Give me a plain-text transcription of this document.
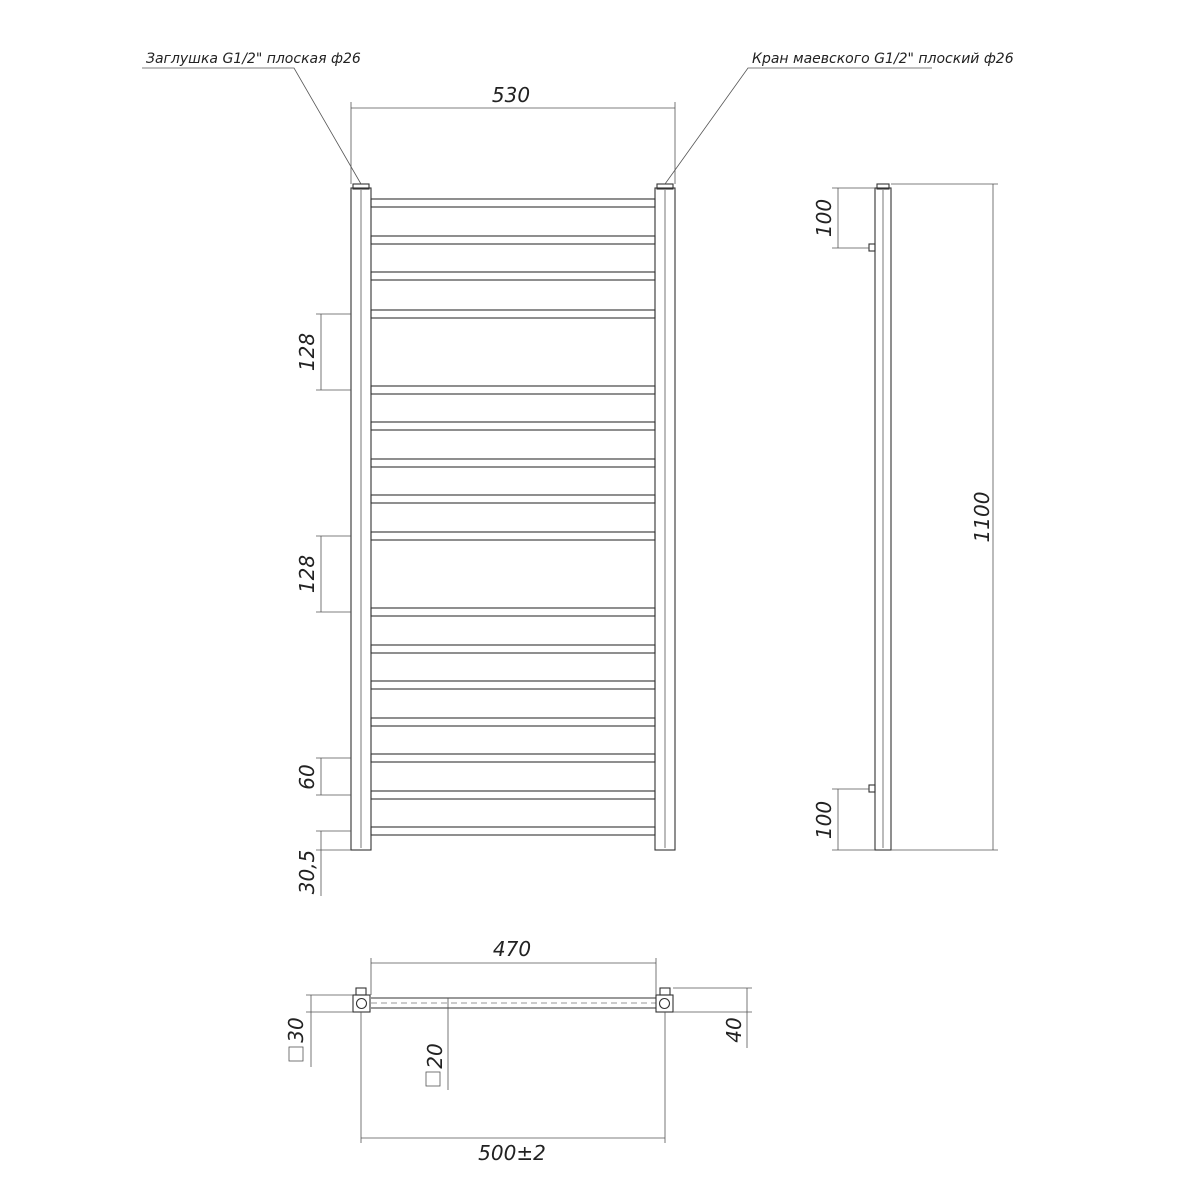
530
Заглушка G1/2" плоская ф26	Кран маевского G1/2" плоский ф26
128
128
60
30,5
100
100
1100
470
500±2
30
20
40
